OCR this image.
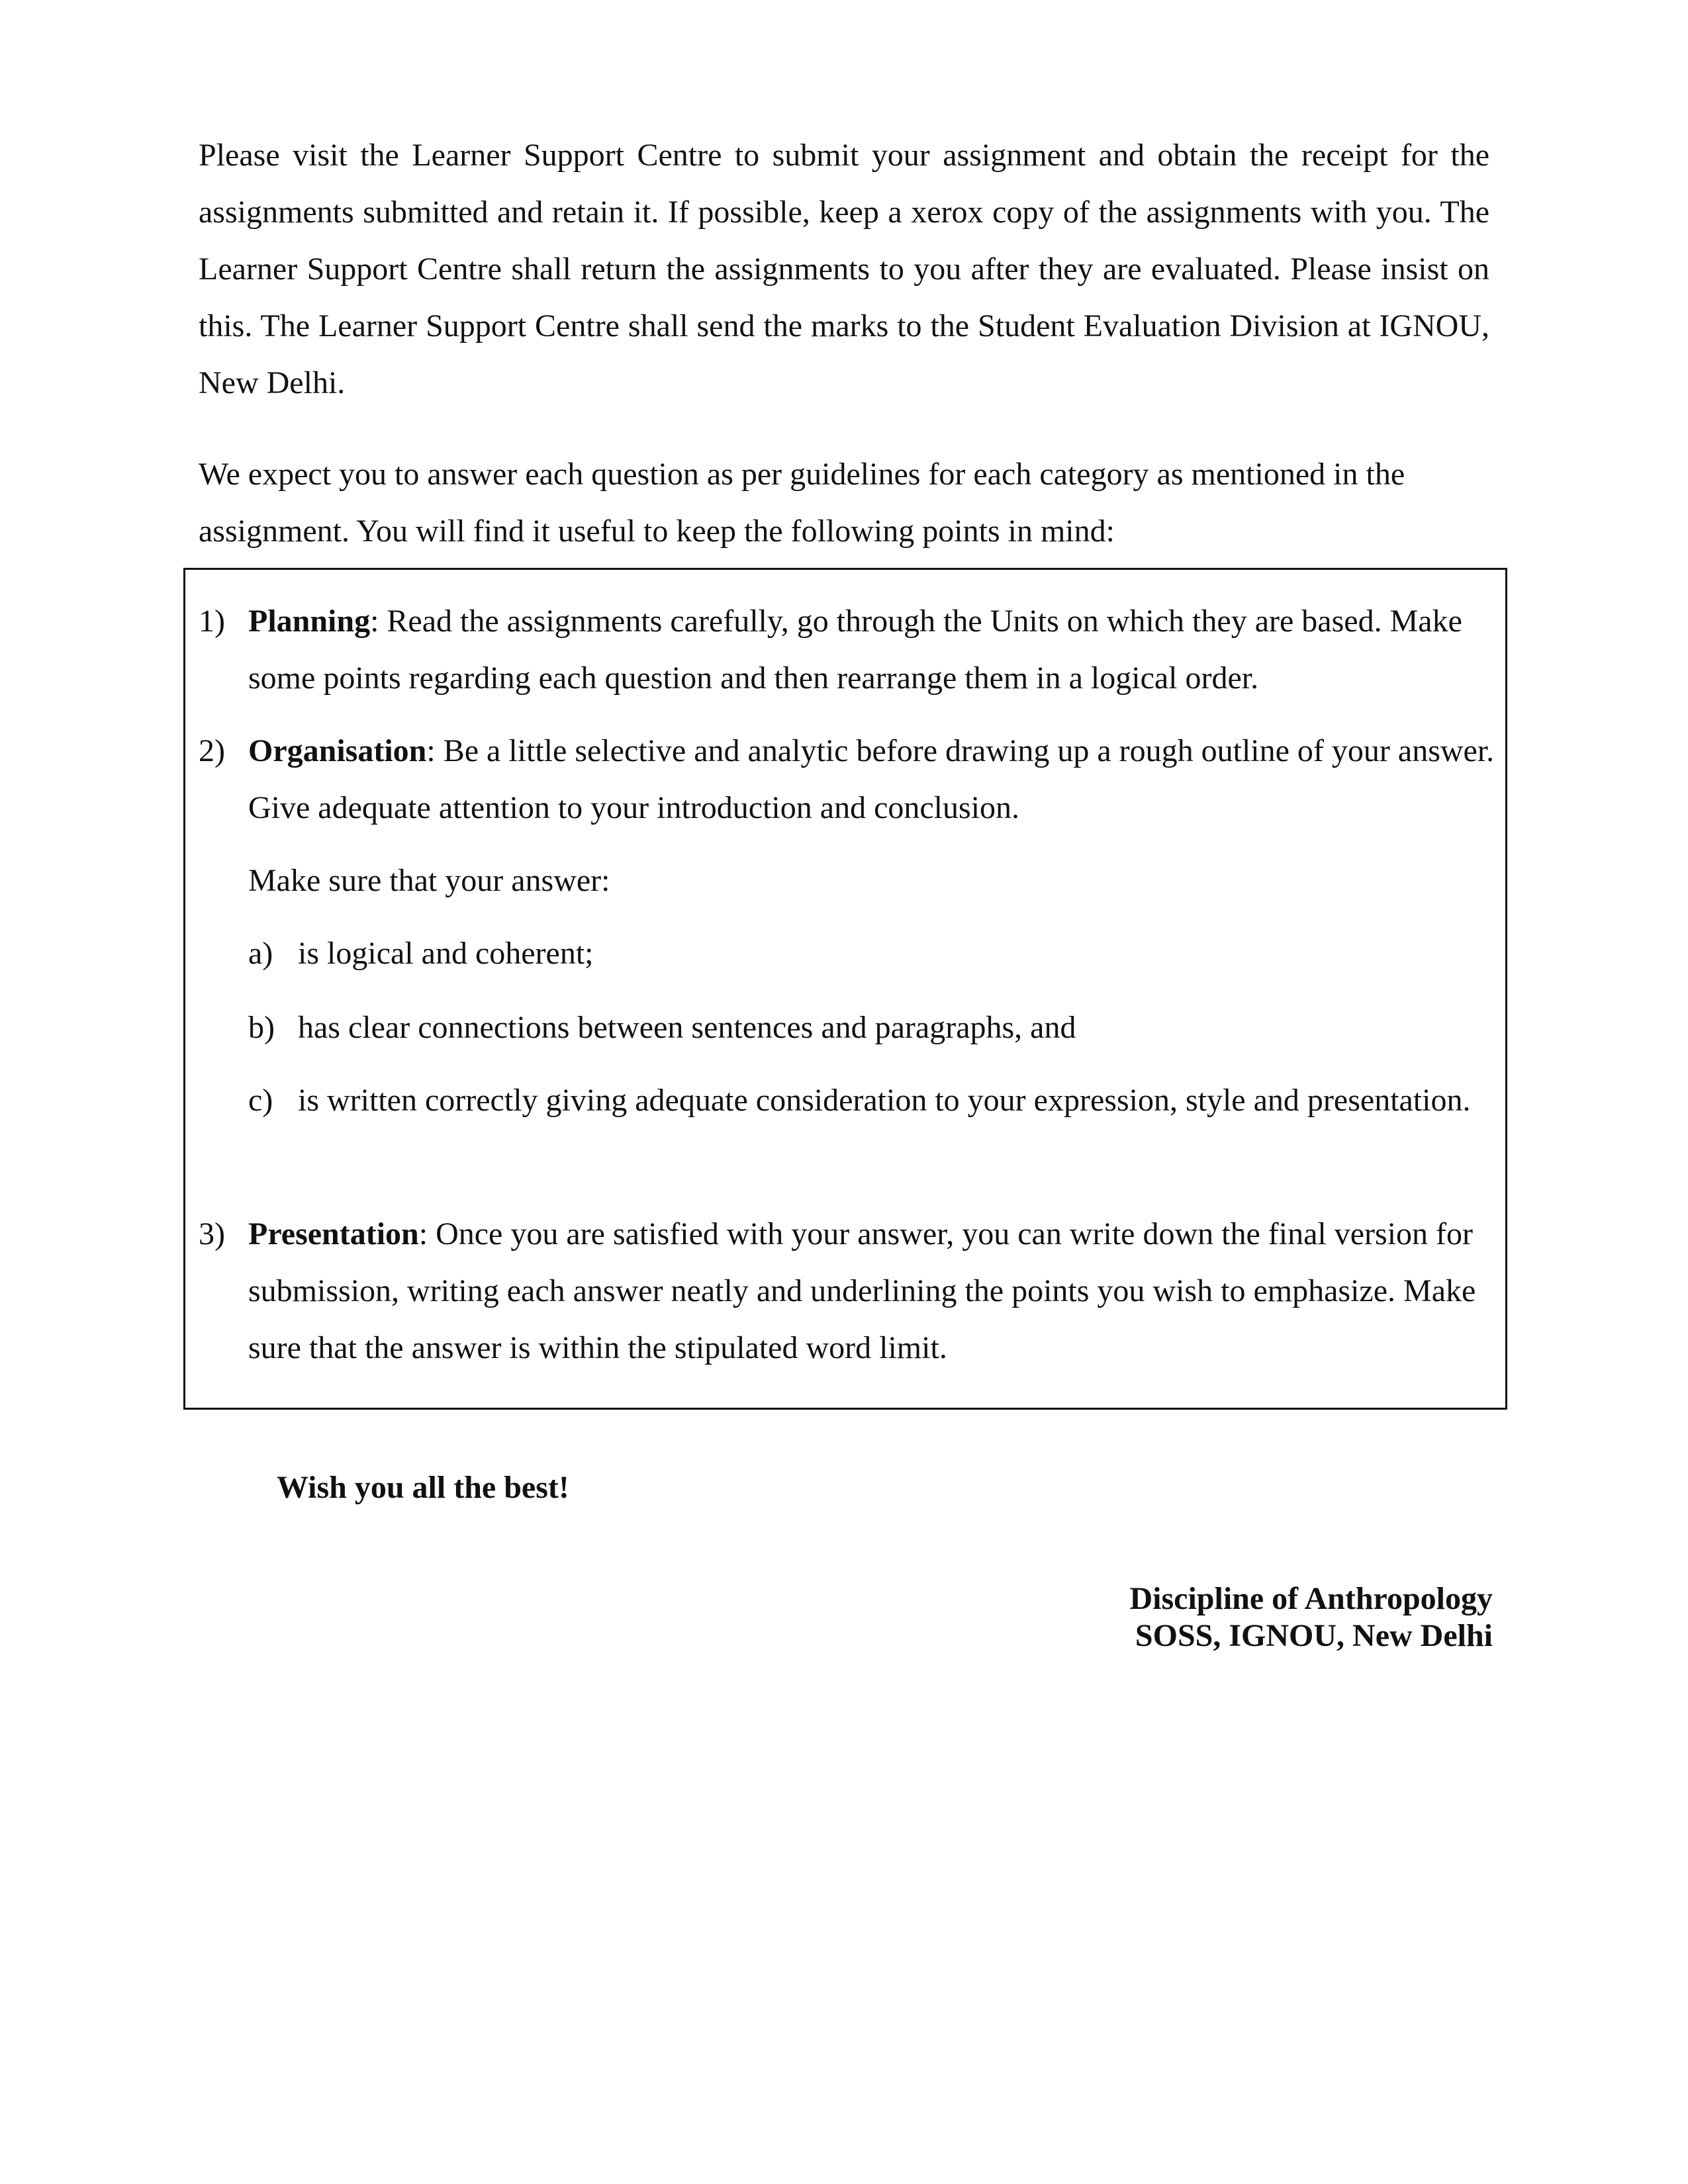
Please visit the Learner Support Centre to submit your assignment and obtain the receipt for the assignments submitted and retain it. If possible, keep a xerox copy of the assignments with you. The Learner Support Centre shall return the assignments to you after they are evaluated. Please insist on this. The Learner Support Centre shall send the marks to the Student Evaluation Division at IGNOU, New Delhi.

We expect you to answer each question as per guidelines for each category as mentioned in the assignment. You will find it useful to keep the following points in mind:

1) Planning: Read the assignments carefully, go through the Units on which they are based. Make some points regarding each question and then rearrange them in a logical order.
2) Organisation: Be a little selective and analytic before drawing up a rough outline of your answer. Give adequate attention to your introduction and conclusion.
Make sure that your answer:
a) is logical and coherent;
b) has clear connections between sentences and paragraphs, and
c) is written correctly giving adequate consideration to your expression, style and presentation.
3) Presentation: Once you are satisfied with your answer, you can write down the final version for submission, writing each answer neatly and underlining the points you wish to emphasize. Make sure that the answer is within the stipulated word limit.
Wish you all the best!
Discipline of Anthropology
SOSS, IGNOU, New Delhi
